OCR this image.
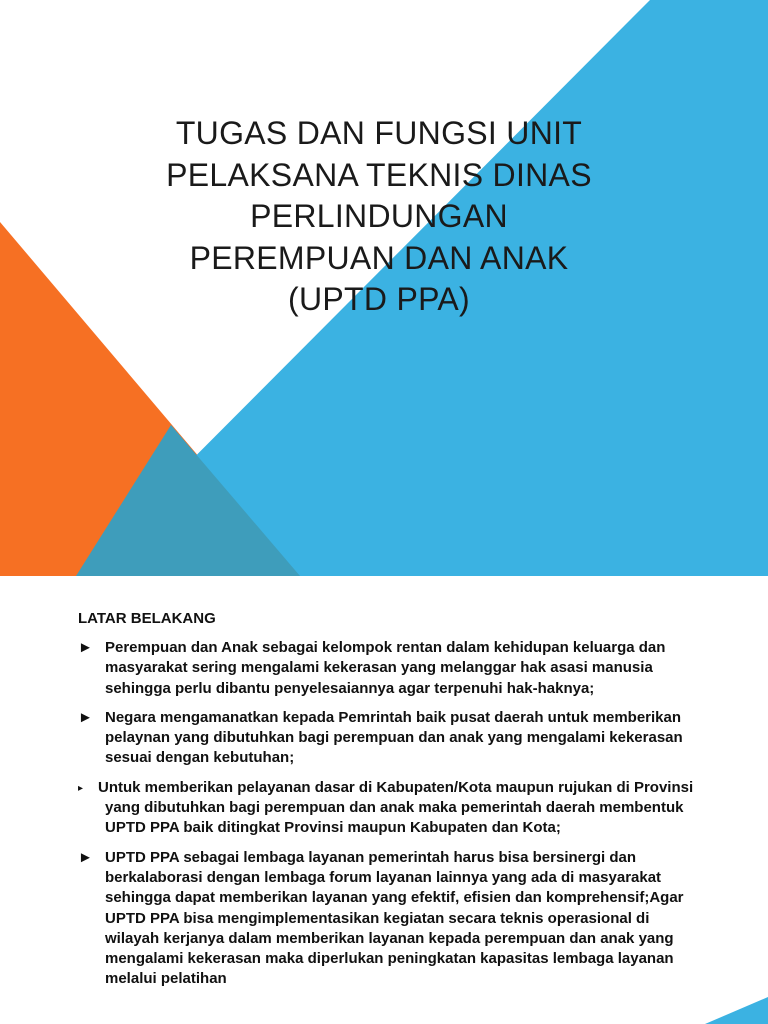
TUGAS DAN FUNGSI UNIT
PELAKSANA TEKNIS DINAS
PERLINDUNGAN
PEREMPUAN DAN ANAK
(UPTD PPA)
LATAR BELAKANG
► Perempuan dan Anak sebagai kelompok rentan dalam kehidupan keluarga dan masyarakat sering mengalami kekerasan yang melanggar hak asasi manusia sehingga perlu dibantu penyelesaiannya agar terpenuhi hak-haknya;
► Negara mengamanatkan kepada Pemrintah baik pusat daerah untuk memberikan pelaynan yang dibutuhkan bagi perempuan dan anak yang mengalami kekerasan sesuai dengan kebutuhan;
▸ Untuk memberikan pelayanan dasar di Kabupaten/Kota maupun rujukan di Provinsi yang dibutuhkan bagi perempuan dan anak maka pemerintah daerah membentuk UPTD PPA baik ditingkat Provinsi maupun Kabupaten dan Kota;
► UPTD PPA sebagai lembaga layanan pemerintah harus bisa bersinergi dan berkalaborasi dengan lembaga forum layanan lainnya yang ada di masyarakat sehingga dapat memberikan layanan yang efektif, efisien dan komprehensif;Agar UPTD PPA bisa mengimplementasikan kegiatan secara teknis operasional di wilayah kerjanya dalam memberikan layanan kepada perempuan dan anak yang mengalami kekerasan maka diperlukan peningkatan kapasitas lembaga layanan melalui pelatihan
